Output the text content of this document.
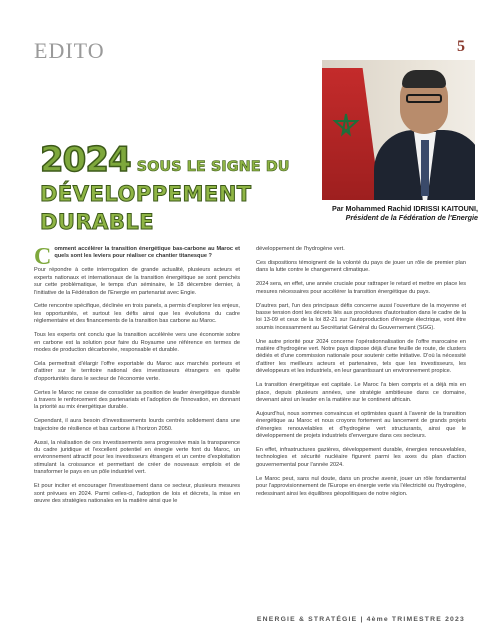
EDITO	5
Par Mohammed Rachid IDRISSI KAITOUNI,
Président de la Fédération de l'Energie
2024 SOUS LE SIGNE DU
DÉVELOPPEMENT
DURABLE

Comment accélérer la transition énergétique bas-carbone au Maroc et quels sont les leviers pour réaliser ce chantier titanesque ?

Pour répondre à cette interrogation de grande actualité, plusieurs acteurs et experts nationaux et internationaux de la transition énergétique se sont penchés sur cette problématique, le temps d'un séminaire, le 18 décembre dernier, à l'initiative de la Fédération de l'Energie en partenariat avec Engie.

Cette rencontre spécifique, déclinée en trois panels, a permis d'explorer les enjeux, les opportunités, et surtout les défis ainsi que les évolutions du cadre réglementaire et des financements de la transition bas carbone au Maroc.

Tous les experts ont conclu que la transition accélérée vers une économie sobre en carbone est la solution pour faire du Royaume une référence en termes de modes de production décarbonée, responsable et durable.

Cela permettrait d'élargir l'offre exportable du Maroc aux marchés porteurs et d'attirer sur le territoire national des investisseurs étrangers en quête d'opportunités dans le secteur de l'économie verte.

Certes le Maroc ne cesse de consolider sa position de leader énergétique durable à travers le renforcement des partenariats et l'adoption de l'innovation, en donnant la priorité au mix énergétique durable.

Cependant, il aura besoin d'investissements lourds centrés solidement dans une trajectoire de résilience et bas carbone à l'horizon 2050.

Aussi, la réalisation de ces investissements sera progressive mais la transparence du cadre juridique et l'excellent potentiel en énergie verte font du Maroc, un environnement attractif pour les investisseurs étrangers et un centre d'exploitation stimulant la croissance et permettant de créer de nouveaux emplois et de transformer le pays en un pôle industriel vert.

Et pour inciter et encourager l'investissement dans ce secteur, plusieurs mesures sont prévues en 2024. Parmi celles-ci, l'adoption de lois et décrets, la mise en œuvre des stratégies nationales en la matière ainsi que le

développement de l'hydrogène vert.

Ces dispositions témoignent de la volonté du pays de jouer un rôle de premier plan dans la lutte contre le changement climatique.

2024 sera, en effet, une année cruciale pour rattraper le retard et mettre en place les mesures nécessaires pour accélérer la transition énergétique du pays.

D'autres part, l'un des principaux défis concerne aussi l'ouverture de la moyenne et basse tension dont les décrets liés aux procédures d'autorisation dans le cadre de la loi 13-09 et ceux de la loi 82-21 sur l'autoproduction d'énergie électrique, vont être soumis incessamment au Secrétariat Général du Gouvernement (SGG).

Une autre priorité pour 2024 concerne l'opérationnalisation de l'offre marocaine en matière d'hydrogène vert. Notre pays dispose déjà d'une feuille de route, de clusters dédiés et d'une commission nationale pour soutenir cette initiative. D'où la nécessité d'attirer les meilleurs acteurs et partenaires, tels que les investisseurs, les développeurs et les industriels, en leur garantissant un environnement propice.

La transition énergétique est capitale. Le Maroc l'a bien compris et a déjà mis en place, depuis plusieurs années, une stratégie ambitieuse dans ce domaine, devenant ainsi un leader en la matière sur le continent africain.

Aujourd'hui, nous sommes convaincus et optimistes quant à l'avenir de la transition énergétique au Maroc et nous croyons fortement au lancement de grands projets d'énergies renouvelables et d'hydrogène vert structurants, ainsi que le développement de projets industriels d'envergure dans ces secteurs.

En effet, infrastructures gazières, développement durable, énergies renouvelables, technologies et sécurité nucléaire figurent parmi les axes du plan d'action gouvernemental pour l'année 2024.

Le Maroc peut, sans nul doute, dans un proche avenir, jouer un rôle fondamental pour l'approvisionnement de l'Europe en énergie verte via l'électricité ou l'hydrogène, redessinant ainsi les équilibres géopolitiques de notre région.

ENERGIE & STRATÉGIE | 4ème TRIMESTRE 2023
